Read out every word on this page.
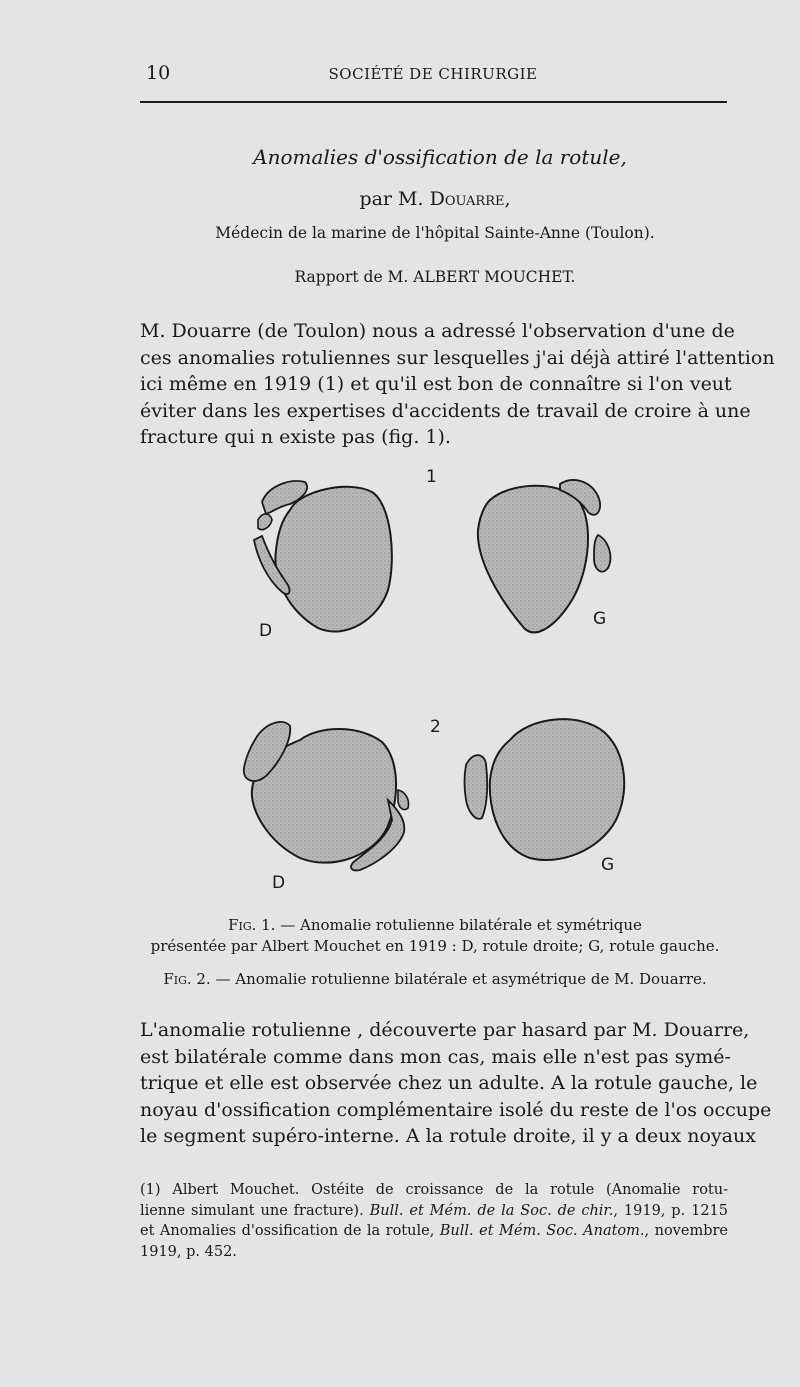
10	SOCIÉTÉ DE CHIRURGIE
Anomalies d'ossification de la rotule,
par M. Douarre,
Médecin de la marine de l'hôpital Sainte-Anne (Toulon).
Rapport de M. ALBERT MOUCHET.
M. Douarre (de Toulon) nous a adressé l'observation d'une de
ces anomalies rotuliennes sur lesquelles j'ai déjà attiré l'attention
ici même en 1919 (1) et qu'il est bon de connaître si l'on veut
éviter dans les expertises d'accidents de travail de croire à une
fracture qui n existe pas (fig. 1).
1
D
G
2
D
G
Fig. 1. — Anomalie rotulienne bilatérale et symétrique
présentée par Albert Mouchet en 1919 : D, rotule droite; G, rotule gauche.
Fig. 2. — Anomalie rotulienne bilatérale et asymétrique de M. Douarre.
L'anomalie rotulienne , découverte par hasard par M. Douarre,
est bilatérale comme dans mon cas, mais elle n'est pas symé-
trique et elle est observée chez un adulte. A la rotule gauche, le
noyau d'ossification complémentaire isolé du reste de l'os occupe
le segment supéro-interne. A la rotule droite, il y a deux noyaux
(1) Albert Mouchet. Ostéite de croissance de la rotule (Anomalie rotu-
lienne simulant une fracture). Bull. et Mém. de la Soc. de chir., 1919, p. 1215
et Anomalies d'ossification de la rotule, Bull. et Mém. Soc. Anatom., novembre
1919, p. 452.
